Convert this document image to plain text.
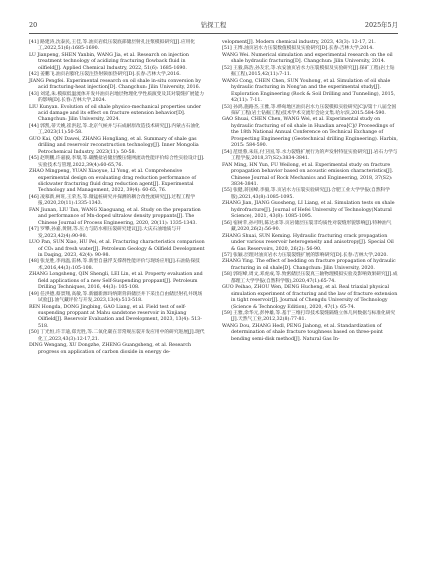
20	钻探工程	2025年5月

[41] 路建涛,沈泰民,王佳,等.油页岩低压裂底部储层射孔注浆模拟研究[J].应用化工,2022,51(6):1685-1690.

LU Jianpeng, SHEN Yanbin, WANG Jia, et al. Research on injection treatment technology of acidizing fracturing flowback fluid in oilfield[J]. Applied Chemical Industry, 2022, 51(6): 1685-1690.

[42] 姜鹏飞.油页岩膨化压裂注热射频加热研究[D].长春:吉林大学,2016.

JIANG Pengfei. Experimental research on oil shale in-situ conversion by acid fracturing-heat injection[D]. Changchun: Jilin University, 2016.

[43] 刘延,朱.模拟低温流体开发井油页岩地层物理化学性质演变及其对裂缝扩展能力的影响[D].长春:吉林大学,2024.

LIU Kunyan. Evolution of oil shale physico-mechanical properties under acid damage and its effect on fracture extension behavior[D]. Changchun: Jilin University, 2024.

[44] 郭凯,蒂天姚,崔洪起,等.北京气候并与石成耐原改造技术研究[J].内蒙古石油化工,2023(11):50-58.

GUO Kai, QIN Dawei, ZHANG Hongliang, et al. Summary of shale gas drilling and reservoir reconstruction technology[J]. Inner Mongolia Petrochemical Industry, 2023(11): 50-58.

[45] 赵明鹏,许嘉毅,李瑞,等.碳酸盐岩储层酸压缝网流动性能评价综合性实验设计[J].实验技术与管理,2022,39(4):60-65,76.

ZHAO Mingpeng, YUAN Xiaoyue, LI Yong, et al. Comprehensive experimental design on evaluating drag reduction performance of slickwater fracturing fluid drag reduction agent[J]. Experimental Technology and Management, 2022, 39(4): 60-65, 76.

[46] 凌慕新,柯旺,王荣杰,等.微锰桩研究并探测的耦合改性流研究[J].过程工程学报,2020,20(11):1335-1343.

FAN Jiunan, LIU Tan, WANG Xiaoguang, et al. Study on the preparation and performance of Mn-doped ultralow density proppants[J]. The Chinese Journal of Process Engineering, 2020, 20(11): 1335-1343.

[47] 罗攀,孙嘉,黄钢,等.压力与防水相压裂研究建议[J].大庆石油地质与开发,2023,42(4):90-98.

LUO Pan, SUN Xiao, HU Pei, et al. Fracturing characteristics comparison of CO₂ and fresh water[J]. Petroleum Geology & Oilfield Development in Daqing, 2023, 42(4): 90-98.

[48] 张龙胜,李再温,雷林,等.新型自悬浮支撑剂性能评价与现场应用[J].石油钻探技术,2016,44(3):105-108.

ZHANG Longsheng, QIN Shengli, LEI Lin, et al. Property evaluation and field applications of a new Self-Suspending proppant[J]. Petroleum Drilling Techniques, 2016, 44(3): 105-108.

[49] 任洪德,蔡景翔,高敏,等.新疆新源玛纳斯背斜储层井下采出自由储层射孔井现场试验[J].油气藏评价与开发,2023,13(4):513-518.

REN Hongda, DONG Jingbing, GAO Liang, et al. Field test of self-suspending proppant at Mahu sandstone reservoir in Xinjiang Oilfield[J]. Reservoir Evaluation and Development, 2023, 13(4): 513-518.

[50] 丁光恒,许丰迪,郑光胜,等.二氧化碳在非常规压裂开发应用中的研究进展[J].现代化工,2023,43(3):12-17,21.

DING Wengang, XU Dongzhe, ZHENG Guangsheng, et al. Research progress on application of carbon dioxide in energy de-

velopment[J]. Modern chemical industry, 2023, 43(3): 12-17, 21.

[51] 王博.油页岩水力压裂数值模拟及实验研究[D].长春:吉林大学,2014.

WANG Wei. Numerical simulation and experimental research on the oil shale hydraulic fracturing[D]. Changchun: Jilin University, 2014.

[52] 王毅,陈浩,孙友宏,等.农安油页岩水力压裂模拟及实验研究[J].探矿工程(岩土钻掘工程),2015,42(11):7-11.

WANG Cong, CHEN Chen, SUN Youhong, et al. Simulation of oil shale hydraulic fracturing in Nong'an and the experimental study[J]. Exploration Engineering (Rock & Soil Drilling and Tunneling), 2015, 42(11): 7-11.

[53] 孙鸿,施路杰,王雅,等.桦甸地区油页岩水力压裂模拟实验研究[C]//第十八届全国探矿工程(岩土钻掘工程)技术学术交流年会论文集.哈尔滨,2015:584-590.

GAO Shuai, CHEN Chen, WANG Wei, et al. Experimental study on hydraulic fracturing of oil shale in Huadian area[C]// Proceedings of the 18th National Annual Conference on Technical Exchange of Prospecting Engineering (Geotechnical drilling Engineering). Harbin, 2015: 584-590.

[54] 范煜蓉,朱钰,付卫国,等.水力裂缝扩展行为的声发射特征实验研究[J].岩石力学与工程学报,2018,37(S2):3834-3841.

FAN Ming, HN Yun, FU Weilong, et al. Experimental study on fracture propagation behavior based on acoustic emission characteristics[J]. Chinese Journal of Rock Mechanics and Engineering, 2018, 37(S2): 3834-3841.

[55] 张健,蒋国峰,李毅,等.页岩水力压裂实验研究[J].合肥工业大学学报(自然科学版),2021,43(8):1085-1095.

ZHANG Jian, JIANG Guosheng, LI Liang, et al. Simulation tests on shale hydrofracture[J]. Journal of Hefei University of Technology(Natural Science), 2021, 43(8): 1085-1095.

[56] 宿树苹,孙可明,陈达求等.页岩储层压裂非均质性对裂缝形貌影响[J].特种油气藏,2020,26(2):56-90.

ZHANG Shuai, SUN Keming. Hydraulic fracturing crack propagation under various reservoir heterogeneity and anisotropy[J]. Special Oil & Gas Reservoirs, 2020, 26(2): 56-90.

[57] 张颖.层理对油页岩水力压裂裂缝扩展的影响研究[D].长春:吉林大学,2020.

ZHANG Ying. The effect of bedding on fracture propagation of hydraulic fracturing in oil shale[D]. Changchun: Jilin University, 2020.

[58] 郭绍峰,周文,邓虎成,等.致密储层压裂真三轴物理模拟实验及影响效果研究[J].成都理工大学学报(自然科学版),2020,47(1):65-74.

GUO Peihao, ZHOU Wen, DENG Hucheng, et al. Real triaxial physical simulation experiment of fracturing and the law of fracture extension in tight reservoir[J]. Journal of Chengdu University of Technology (Science & Technology Edition), 2020, 47(1): 65-74.

[59] 王雅,余华元,彭仲雄,等.基于三维打印技术裂缝隔缝立体几何数据与标准化研究[J].天然气工业,2012,32(8):77-81.

WANG Dou, ZHANG Hedl, PENG Jiahong, et al. Standardization of determination of shale fracture toughness based on three-point bending semi-disk method[J]. Natural Gas In-
